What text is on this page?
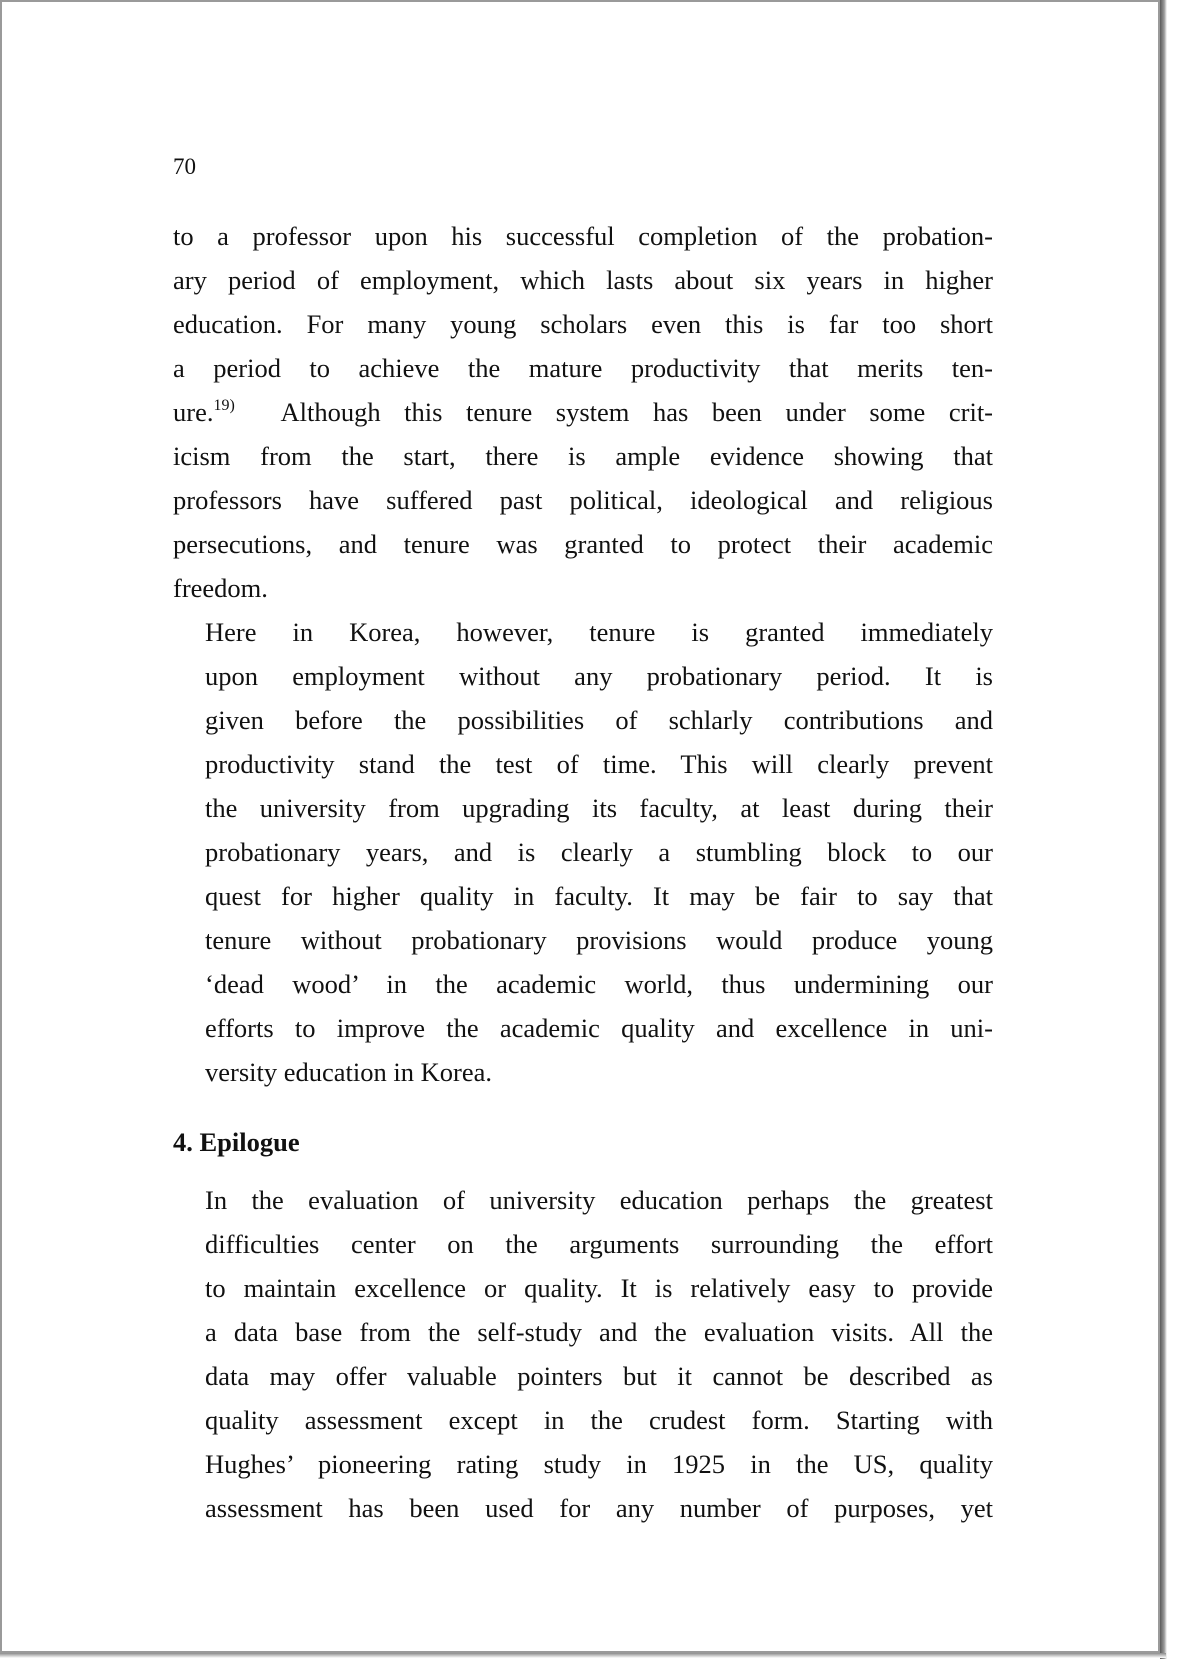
70

to a professor upon his successful completion of the probation-
ary period of employment, which lasts about six years in higher
education. For many young scholars even this is far too short
a period to achieve the mature productivity that merits ten-
ure.$^{19)}$ Although this tenure system has been under some crit-
icism from the start, there is ample evidence showing that
professors have suffered past political, ideological and religious
persecutions, and tenure was granted to protect their academic
freedom.

Here in Korea, however, tenure is granted immediately
upon employment without any probationary period. It is
given before the possibilities of schlarly contributions and
productivity stand the test of time. This will clearly prevent
the university from upgrading its faculty, at least during their
probationary years, and is clearly a stumbling block to our
quest for higher quality in faculty. It may be fair to say that
tenure without probationary provisions would produce young
‘dead wood’ in the academic world, thus undermining our
efforts to improve the academic quality and excellence in uni-
versity education in Korea.

4. Epilogue

In the evaluation of university education perhaps the greatest
difficulties center on the arguments surrounding the effort
to maintain excellence or quality. It is relatively easy to provide
a data base from the self-study and the evaluation visits. All the
data may offer valuable pointers but it cannot be described as
quality assessment except in the crudest form. Starting with
Hughes’ pioneering rating study in 1925 in the US, quality
assessment has been used for any number of purposes, yet
